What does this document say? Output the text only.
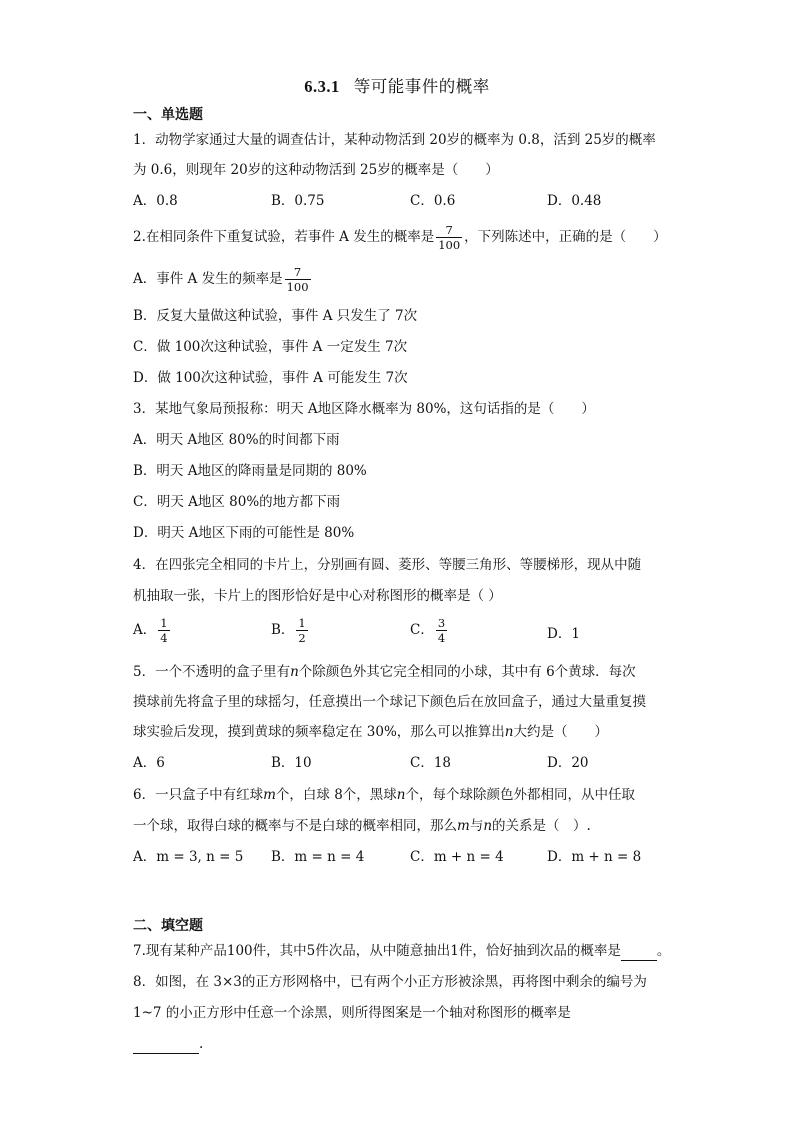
6.3.1 等可能事件的概率
一、单选题
1．动物学家通过大量的调查估计，某种动物活到 20岁的概率为 0.8，活到 25岁的概率
为 0.6，则现年 20岁的这种动物活到 25岁的概率是（　　）
A．0.8	B．0.75	C．0.6	D．0.48
2.在相同条件下重复试验，若事件 A 发生的概率是 $\frac{7}{100}$ ，下列陈述中，正确的是（　　）
A．事件 A 发生的频率是 $\frac{7}{100}$
B．反复大量做这种试验，事件 A 只发生了 7次
C．做 100次这种试验，事件 A 一定发生 7次
D．做 100次这种试验，事件 A 可能发生 7次
3．某地气象局预报称：明天 A地区降水概率为 80%，这句话指的是（　　）
A．明天 A地区 80%的时间都下雨
B．明天 A地区的降雨量是同期的 80%
C．明天 A地区 80%的地方都下雨
D．明天 A地区下雨的可能性是 80%
4．在四张完全相同的卡片上，分别画有圆、菱形、等腰三角形、等腰梯形，现从中随
机抽取一张，卡片上的图形恰好是中心对称图形的概率是（ ）
A． $\frac{1}{4}$	B． $\frac{1}{2}$	C． $\frac{3}{4}$	D．1
5．一个不透明的盒子里有n个除颜色外其它完全相同的小球，其中有 6个黄球．每次
摸球前先将盒子里的球摇匀，任意摸出一个球记下颜色后在放回盒子，通过大量重复摸
球实验后发现，摸到黄球的频率稳定在 30%，那么可以推算出n大约是（　　）
A．6	B．10	C．18	D．20
6．一只盒子中有红球m个，白球 8个，黑球n个，每个球除颜色外都相同，从中任取
一个球，取得白球的概率与不是白球的概率相同，那么m与n的关系是（　）.
A．m = 3, n = 5 B．m = n = 4	C．m + n = 4	D．m + n = 8
二、填空题
7.现有某种产品100件，其中5件次品，从中随意抽出1件，恰好抽到次品的概率是	。
8．如图，在 3×3的正方形网格中，已有两个小正方形被涂黑，再将图中剩余的编号为
1~7 的小正方形中任意一个涂黑，则所得图案是一个轴对称图形的概率是
.
